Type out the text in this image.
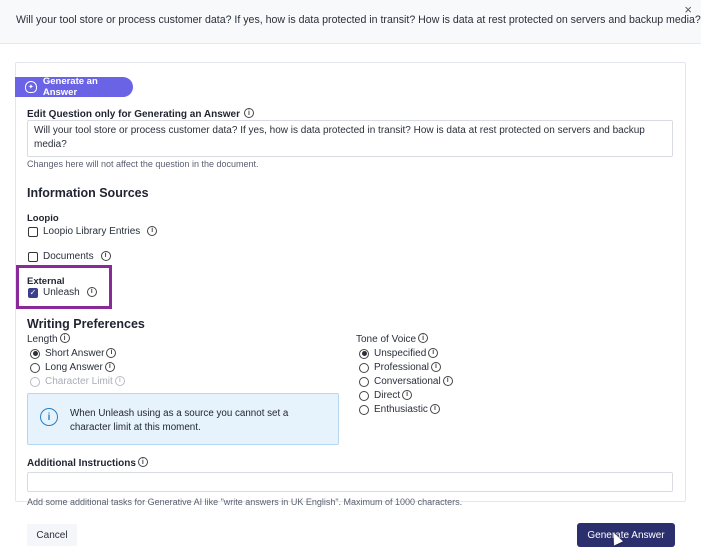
Will your tool store or process customer data? If yes, how is data protected in transit? How is data at rest protected on servers and backup media?
×
✦
Generate an Answer
Edit Question only for Generating an Answer i
Will your tool store or process customer data? If yes, how is data protected in transit? How is data at rest protected on servers and backup media?
Changes here will not affect the question in the document.
Information Sources
Loopio
Loopio Library Entries	i
Documents	i
External
✓ Unleash	i
Writing Preferences
Length i
Short Answer i
Long Answer i
Character Limit i
Tone of Voice i
Unspecified i
Professional i
Conversational i
Direct i
Enthusiastic i
i	When Unleash using as a source you cannot set a character limit at this moment.
Additional Instructions i
Add some additional tasks for Generative AI like "write answers in UK English". Maximum of 1000 characters.
Cancel	Generate Answer
